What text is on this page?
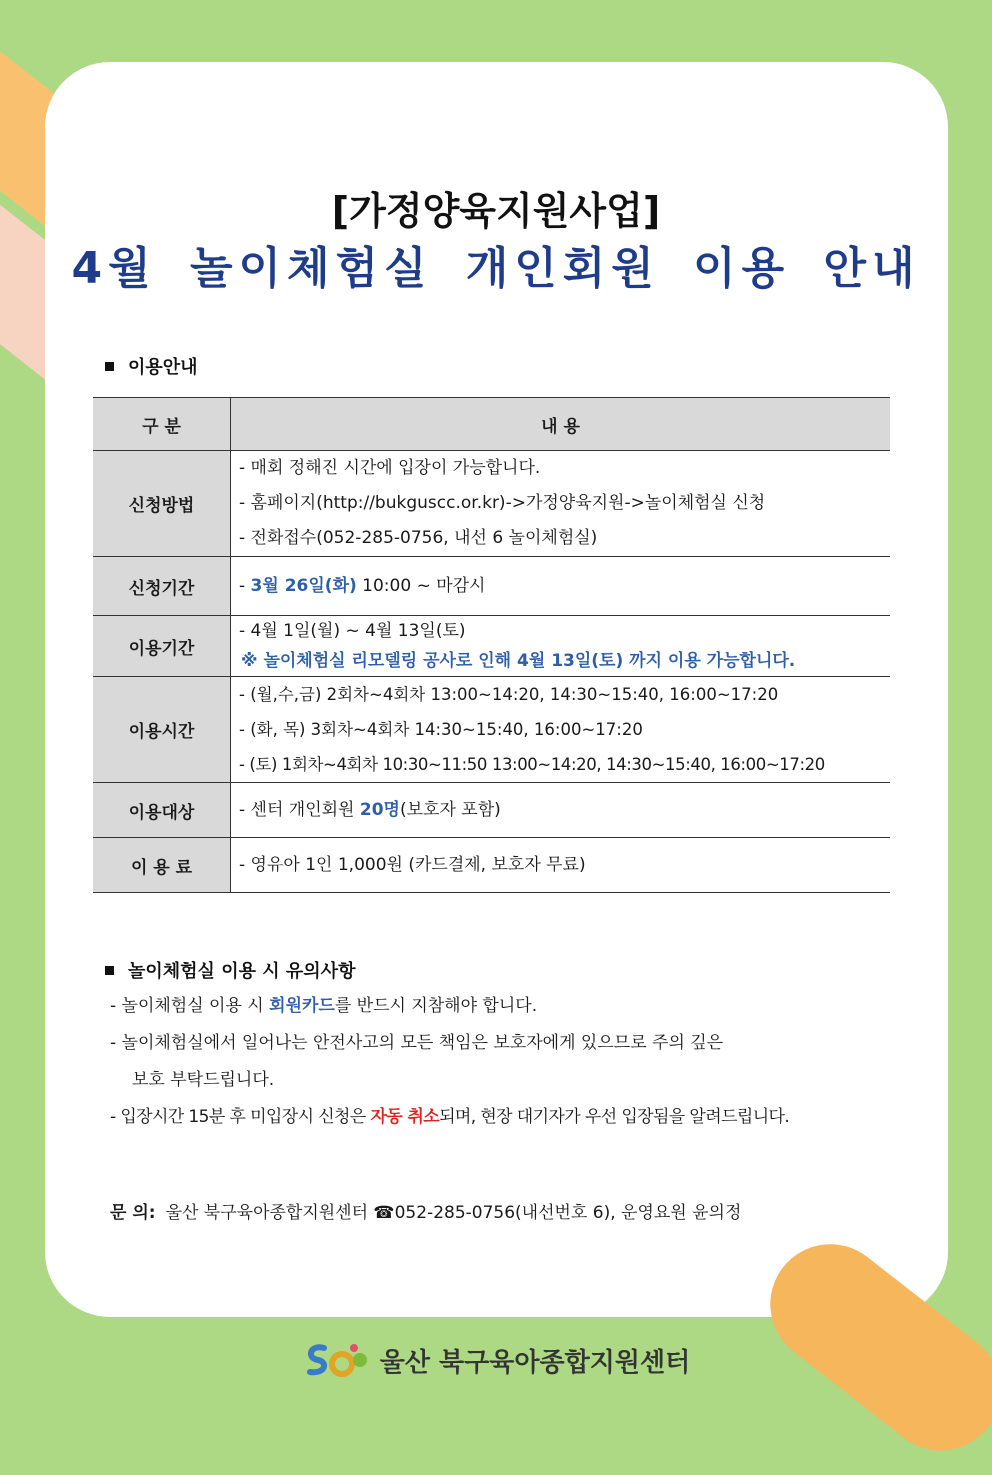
[가정양육지원사업]
4월 놀이체험실 개인회원 이용 안내
이용안내
구 분	내 용
신청방법	- 매회 정해진 시간에 입장이 가능합니다.
- 홈페이지(http://bukguscc.or.kr)->가정양육지원->놀이체험실 신청
- 전화접수(052-285-0756, 내선 6 놀이체험실)

신청기간	- 3월 26일(화) 10:00 ~ 마감시

이용기간	- 4월 1일(월) ~ 4월 13일(토)
※ 놀이체험실 리모델링 공사로 인해 4월 13일(토) 까지 이용 가능합니다.

이용시간	- (월,수,금) 2회차~4회차 13:00~14:20, 14:30~15:40, 16:00~17:20
- (화, 목) 3회차~4회차 14:30~15:40, 16:00~17:20
- (토) 1회차~4회차 10:30~11:50 13:00~14:20, 14:30~15:40, 16:00~17:20

이용대상	- 센터 개인회원 20명(보호자 포함)

이 용 료	- 영유아 1인 1,000원 (카드결제, 보호자 무료)
놀이체험실 이용 시 유의사항
- 놀이체험실 이용 시 회원카드를 반드시 지참해야 합니다.
- 놀이체험실에서 일어나는 안전사고의 모든 책임은 보호자에게 있으므로 주의 깊은
보호 부탁드립니다.
- 입장시간 15분 후 미입장시 신청은 자동 취소되며, 현장 대기자가 우선 입장됨을 알려드립니다.
문 의: 울산 북구육아종합지원센터 ☎052-285-0756(내선번호 6), 운영요원 윤의정
울산 북구육아종합지원센터
